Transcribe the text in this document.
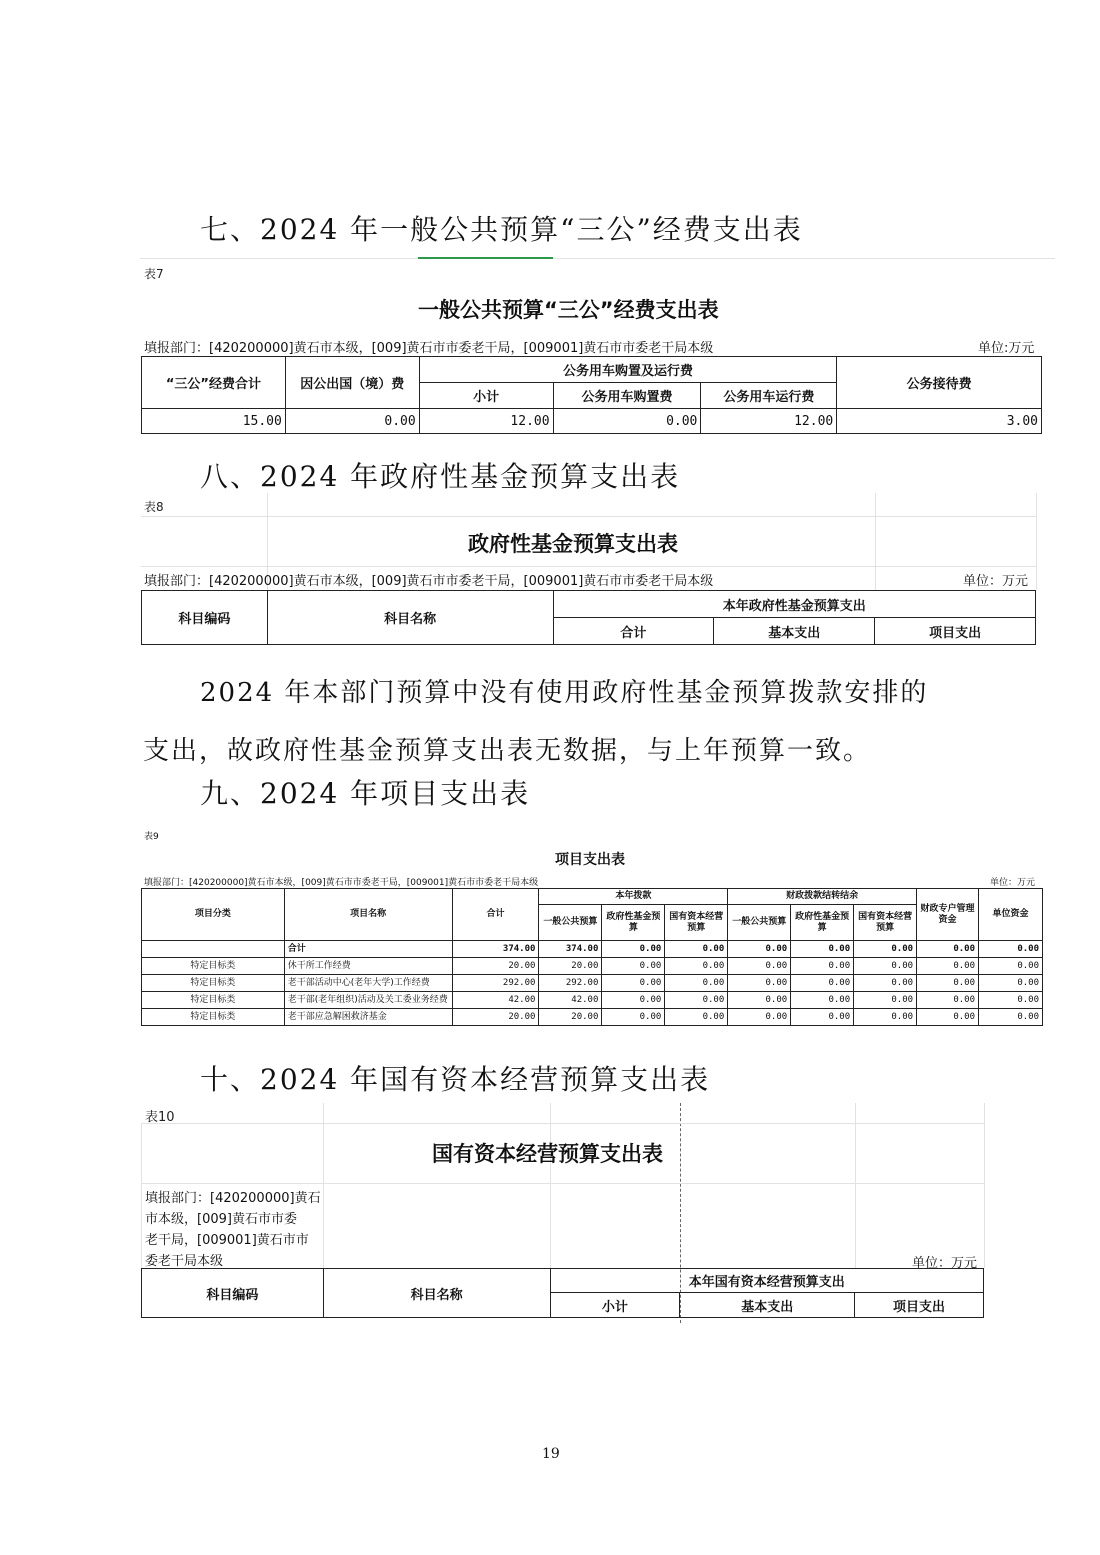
七、2024 年一般公共预算“三公”经费支出表
表7
一般公共预算“三公”经费支出表
填报部门：[420200000]黄石市本级，[009]黄石市市委老干局，[009001]黄石市市委老干局本级	单位:万元
“三公”经费合计	因公出国（境）费	公务用车购置及运行费			公务接待费
		小计	公务用车购置费	公务用车运行费	
15.00	0.00	12.00	0.00	12.00	3.00
八、2024 年政府性基金预算支出表
表8
政府性基金预算支出表
填报部门：[420200000]黄石市本级，[009]黄石市市委老干局，[009001]黄石市市委老干局本级	单位：万元
科目编码	科目名称	本年政府性基金预算支出		
		合计	基本支出	项目支出
2024 年本部门预算中没有使用政府性基金预算拨款安排的
支出，故政府性基金预算支出表无数据，与上年预算一致。
九、2024 年项目支出表
表9
项目支出表
填报部门：[420200000]黄石市本级，[009]黄石市市委老干局，[009001]黄石市市委老干局本级	单位：万元
项目分类	项目名称	合计	本年拨款			财政拨款结转结余			财政专户管理资金	单位资金
			一般公共预算	政府性基金预算	国有资本经营预算	一般公共预算	政府性基金预算	国有资本经营预算		
	合计	374.00	374.00	0.00	0.00	0.00	0.00	0.00	0.00	0.00
特定目标类	休干所工作经费	20.00	20.00	0.00	0.00	0.00	0.00	0.00	0.00	0.00
特定目标类	老干部活动中心(老年大学)工作经费	292.00	292.00	0.00	0.00	0.00	0.00	0.00	0.00	0.00
特定目标类	老干部(老年组织)活动及关工委业务经费	42.00	42.00	0.00	0.00	0.00	0.00	0.00	0.00	0.00
特定目标类	老干部应急解困救济基金	20.00	20.00	0.00	0.00	0.00	0.00	0.00	0.00	0.00
十、2024 年国有资本经营预算支出表
表10
国有资本经营预算支出表
填报部门：[420200000]黄石
市本级，[009]黄石市市委
老干局，[009001]黄石市市
委老干局本级	单位：万元
科目编码	科目名称	本年国有资本经营预算支出		
		小计	基本支出	项目支出
19
